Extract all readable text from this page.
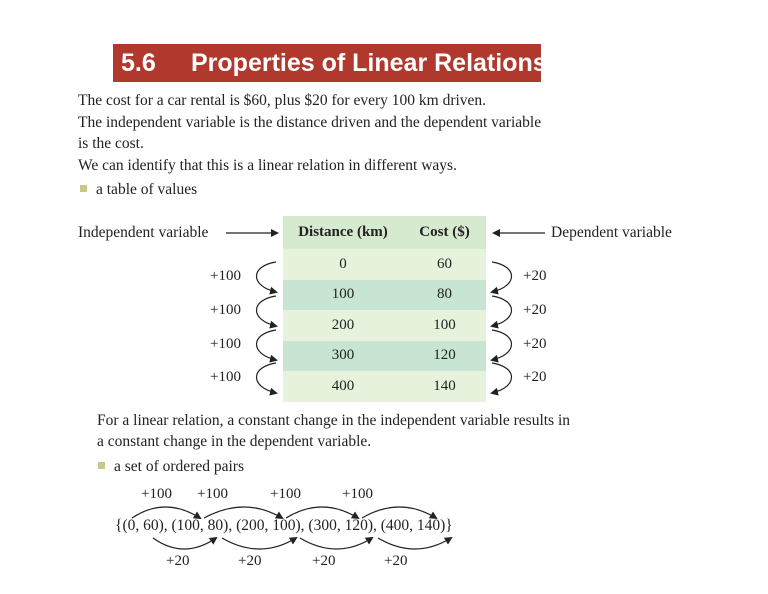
5.6 Properties of Linear Relations
The cost for a car rental is $60, plus $20 for every 100 km driven.
The independent variable is the distance driven and the dependent variable
is the cost.
We can identify that this is a linear relation in different ways.
a table of values
Independent variable	Dependent variable
Distance (km)	Cost ($)
0	60
100	80
200	100
300	120
400	140
+100
+100
+100
+100
+20
+20
+20
+20
For a linear relation, a constant change in the independent variable results in
a constant change in the dependent variable.
a set of ordered pairs
+100 +100	+100	+100
{(0, 60), (100, 80), (200, 100), (300, 120), (400, 140)}
+20	+20	+20	+20
